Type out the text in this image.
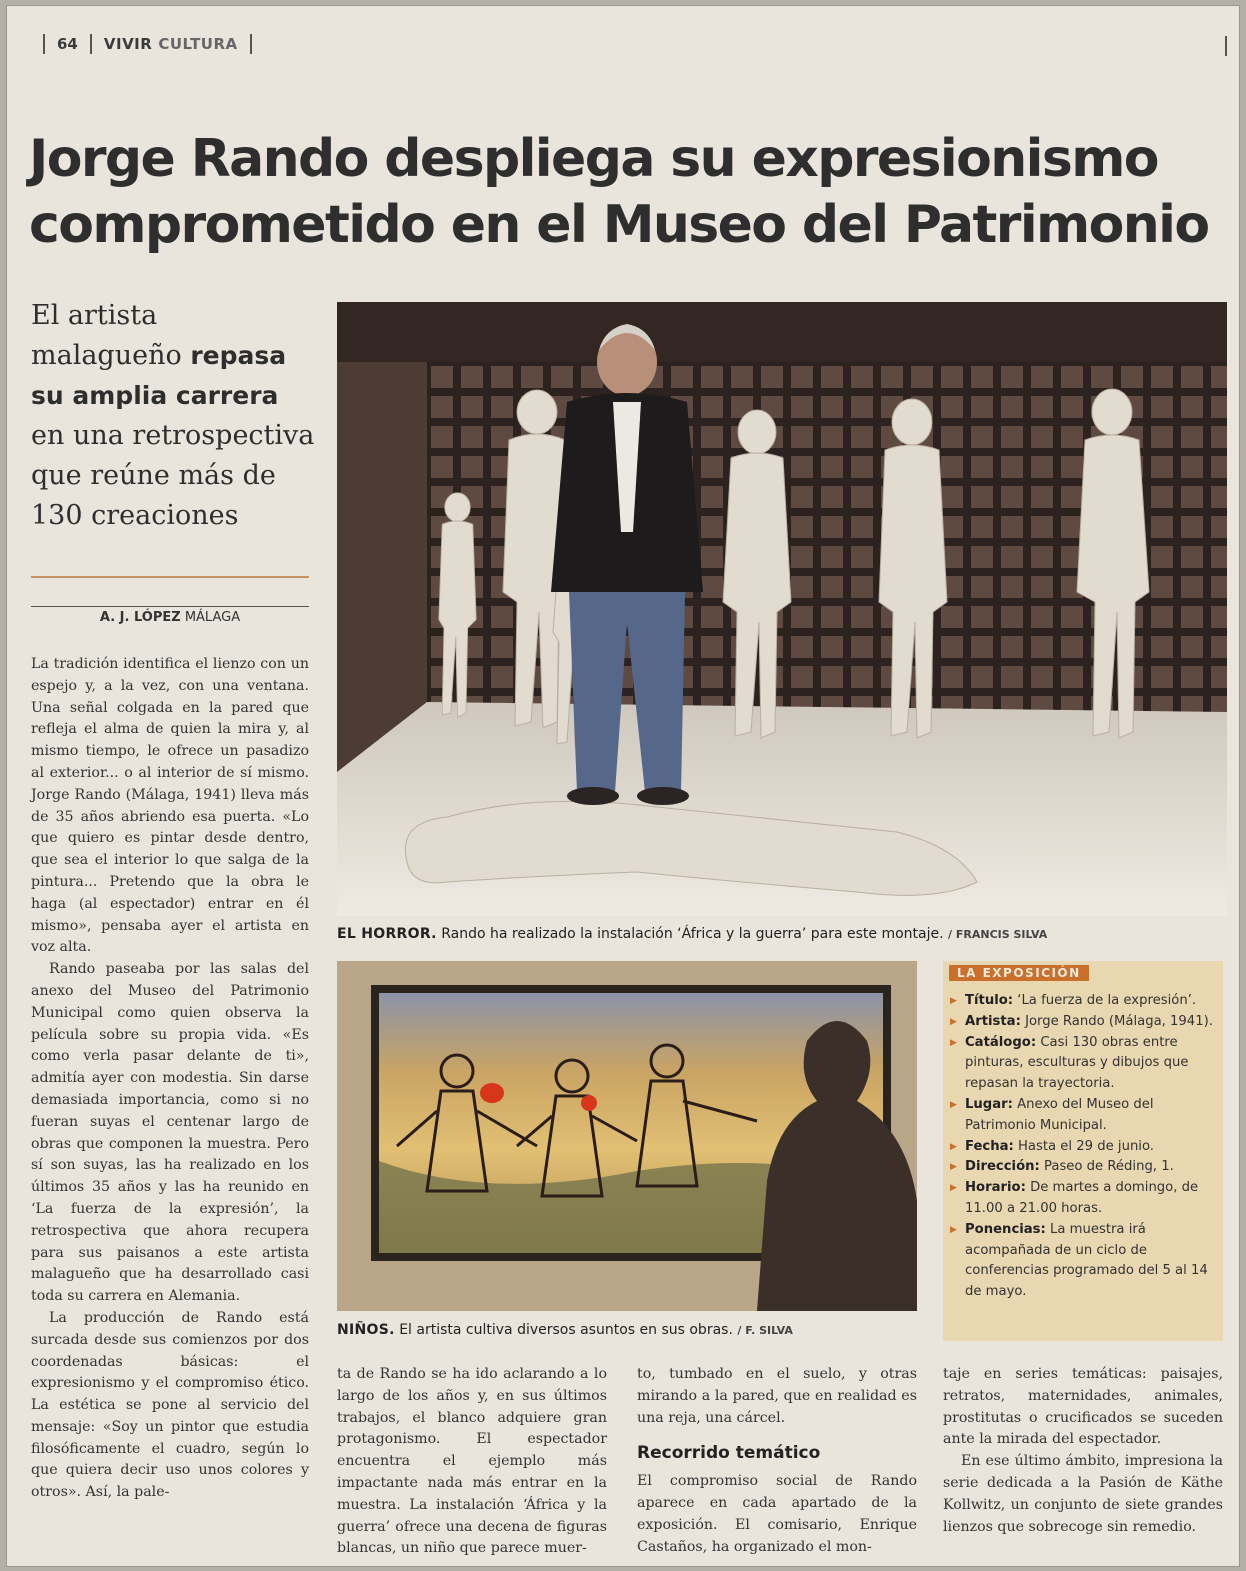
64 VIVIR CULTURA
Jorge Rando despliega su expresionismo
comprometido en el Museo del Patrimonio
El artista malagueño repasa su amplia carrera en una retrospectiva que reúne más de 130 creaciones
A. J. LÓPEZ MÁLAGA

La tradición identifica el lienzo con un espejo y, a la vez, con una ventana. Una señal colgada en la pared que refleja el alma de quien la mira y, al mismo tiempo, le ofrece un pasadizo al exterior... o al interior de sí mismo. Jorge Rando (Málaga, 1941) lleva más de 35 años abriendo esa puerta. «Lo que quiero es pintar desde dentro, que sea el interior lo que salga de la pintura... Pretendo que la obra le haga (al espectador) entrar en él mismo», pensaba ayer el artista en voz alta.

Rando paseaba por las salas del anexo del Museo del Patrimonio Municipal como quien observa la película sobre su propia vida. «Es como verla pasar delante de ti», admitía ayer con modestia. Sin darse demasiada importancia, como si no fueran suyas el centenar largo de obras que componen la muestra. Pero sí son suyas, las ha realizado en los últimos 35 años y las ha reunido en ‘La fuerza de la expresión’, la retrospectiva que ahora recupera para sus paisanos a este artista malagueño que ha desarrollado casi toda su carrera en Alemania.

La producción de Rando está surcada desde sus comienzos por dos coordenadas básicas: el expresionismo y el compromiso ético. La estética se pone al servicio del mensaje: «Soy un pintor que estudia filosóficamente el cuadro, según lo que quiera decir uso unos colores y otros». Así, la pale-

EL HORROR. Rando ha realizado la instalación ‘África y la guerra’ para este montaje. / FRANCIS SILVA
NIÑOS. El artista cultiva diversos asuntos en sus obras. / F. SILVA
LA EXPOSICIÓN
▶ Título: ‘La fuerza de la expresión’.
▶ Artista: Jorge Rando (Málaga, 1941).
▶ Catálogo: Casi 130 obras entre pinturas, esculturas y dibujos que repasan la trayectoria.
▶ Lugar: Anexo del Museo del Patrimonio Municipal.
▶ Fecha: Hasta el 29 de junio.
▶ Dirección: Paseo de Réding, 1.
▶ Horario: De martes a domingo, de 11.00 a 21.00 horas.
▶ Ponencias: La muestra irá acompañada de un ciclo de conferencias programado del 5 al 14 de mayo.

ta de Rando se ha ido aclarando a lo largo de los años y, en sus últimos trabajos, el blanco adquiere gran protagonismo. El espectador encuentra el ejemplo más impactante nada más entrar en la muestra. La instalación ‘África y la guerra’ ofrece una decena de figuras blancas, un niño que parece muer-

to, tumbado en el suelo, y otras mirando a la pared, que en realidad es una reja, una cárcel.

Recorrido temático

El compromiso social de Rando aparece en cada apartado de la exposición. El comisario, Enrique Castaños, ha organizado el mon-

taje en series temáticas: paisajes, retratos, maternidades, animales, prostitutas o crucificados se suceden ante la mirada del espectador.

En ese último ámbito, impresiona la serie dedicada a la Pasión de Käthe Kollwitz, un conjunto de siete grandes lienzos que sobrecoge sin remedio.
